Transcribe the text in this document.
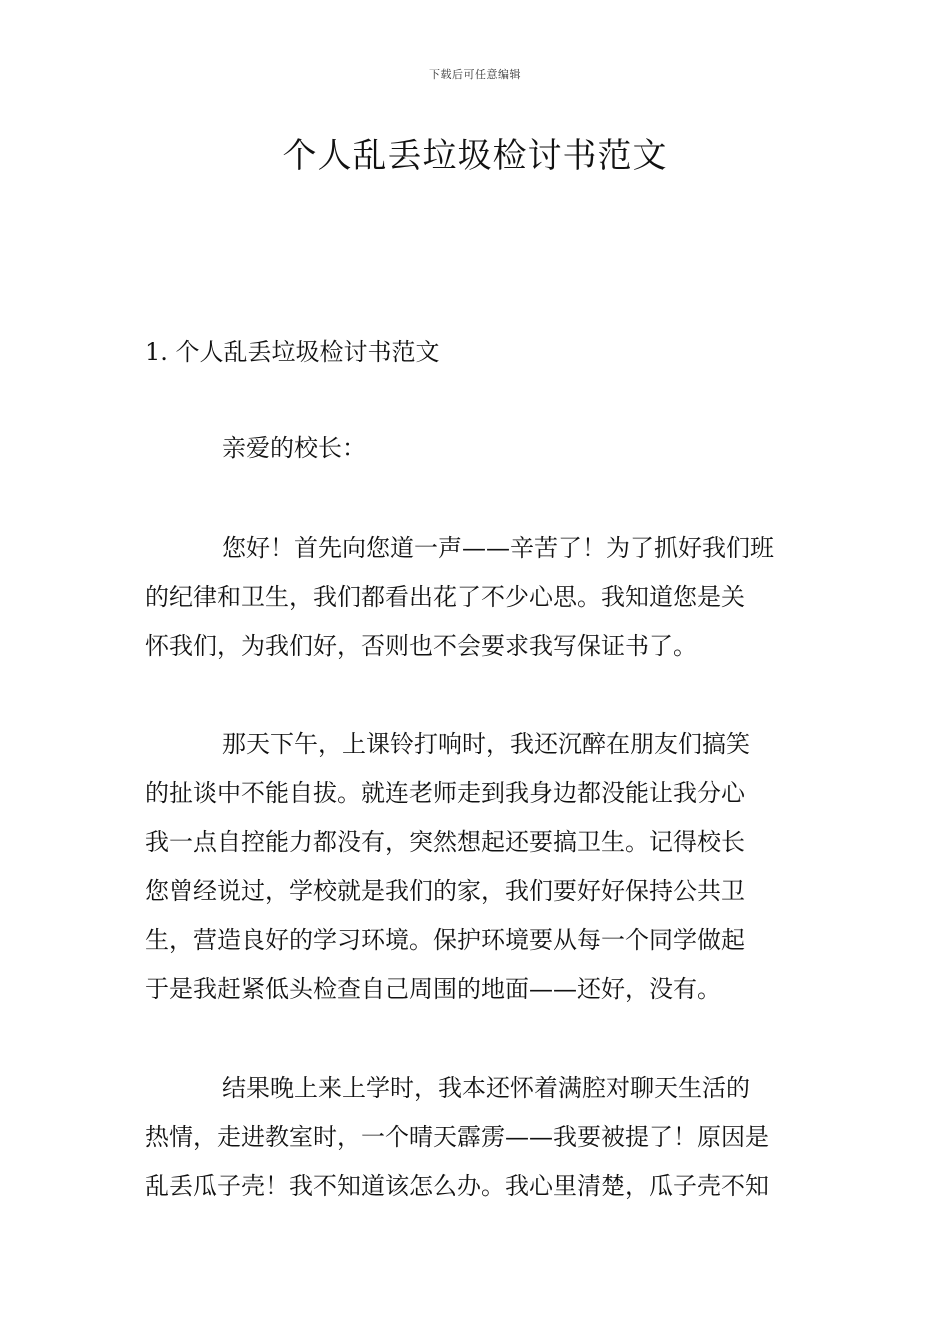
下载后可任意编辑
个人乱丢垃圾检讨书范文

1. 个人乱丢垃圾检讨书范文

亲爱的校长：

您好！首先向您道一声——辛苦了！为了抓好我们班
的纪律和卫生，我们都看出花了不少心思。我知道您是关
怀我们，为我们好，否则也不会要求我写保证书了。
那天下午，上课铃打响时，我还沉醉在朋友们搞笑
的扯谈中不能自拔。就连老师走到我身边都没能让我分心
我一点自控能力都没有，突然想起还要搞卫生。记得校长
您曾经说过，学校就是我们的家，我们要好好保持公共卫
生，营造良好的学习环境。保护环境要从每一个同学做起
于是我赶紧低头检查自己周围的地面——还好，没有。
结果晚上来上学时，我本还怀着满腔对聊天生活的
热情，走进教室时，一个晴天霹雳——我要被提了！原因是
乱丢瓜子壳！我不知道该怎么办。我心里清楚，瓜子壳不知
